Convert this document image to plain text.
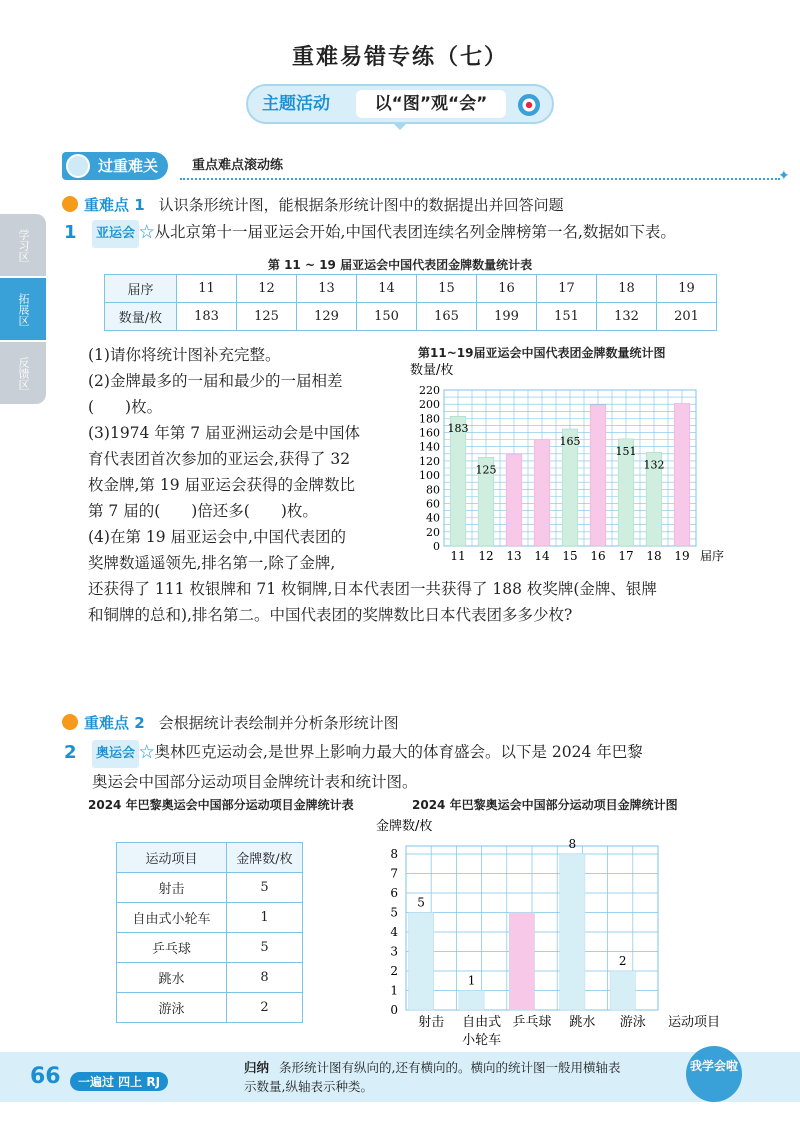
重难易错专练（七）
主题活动	以“图”观“会”
过重难关	重点难点滚动练
✦
学习区
拓展区
反馈区
重难点 1 认识条形统计图，能根据条形统计图中的数据提出并回答问题
1	亚运会 ☆从北京第十一届亚运会开始,中国代表团连续名列金牌榜第一名,数据如下表。
第 11 ~ 19 届亚运会中国代表团金牌数量统计表
届序	11	12	13	14	15	16	17	18	19
数量/枚	183	125	129	150	165	199	151	132	201
(1)请你将统计图补充完整。
(2)金牌最多的一届和最少的一届相差
(　　)枚。
(3)1974 年第 7 届亚洲运动会是中国体
育代表团首次参加的亚运会,获得了 32
枚金牌,第 19 届亚运会获得的金牌数比
第 7 届的(　　)倍还多(　　)枚。
(4)在第 19 届亚运会中,中国代表团的
奖牌数遥遥领先,排名第一,除了金牌,
还获得了 111 枚银牌和 71 枚铜牌,日本代表团一共获得了 188 枚奖牌(金牌、银牌
和铜牌的总和),排名第二。中国代表团的奖牌数比日本代表团多多少枚?
第11~19届亚运会中国代表团金牌数量统计图
数量/枚
0
20
40
60
80
100
120
140
160
180
200
220
11
183
12
125
13 14 15
165
16 17
151
18
132
19 届序
重难点 2 会根据统计表绘制并分析条形统计图
2	奥运会 ☆奥林匹克运动会,是世界上影响力最大的体育盛会。以下是 2024 年巴黎
奥运会中国部分运动项目金牌统计表和统计图。
2024 年巴黎奥运会中国部分运动项目金牌统计表	2024 年巴黎奥运会中国部分运动项目金牌统计图
运动项目	金牌数/枚
射击	5
自由式小轮车	1
乒乓球	5
跳水	8
游泳	2
金牌数/枚
0
1
2
3
4
5
6
7
8
5
射击
1
自由式
小轮车
乒乓球
8
跳水
2
游泳 运动项目
66	一遍过 四上 RJ
归纳 条形统计图有纵向的,还有横向的。横向的统计图一般用横轴表
示数量,纵轴表示种类。
我学会啦
